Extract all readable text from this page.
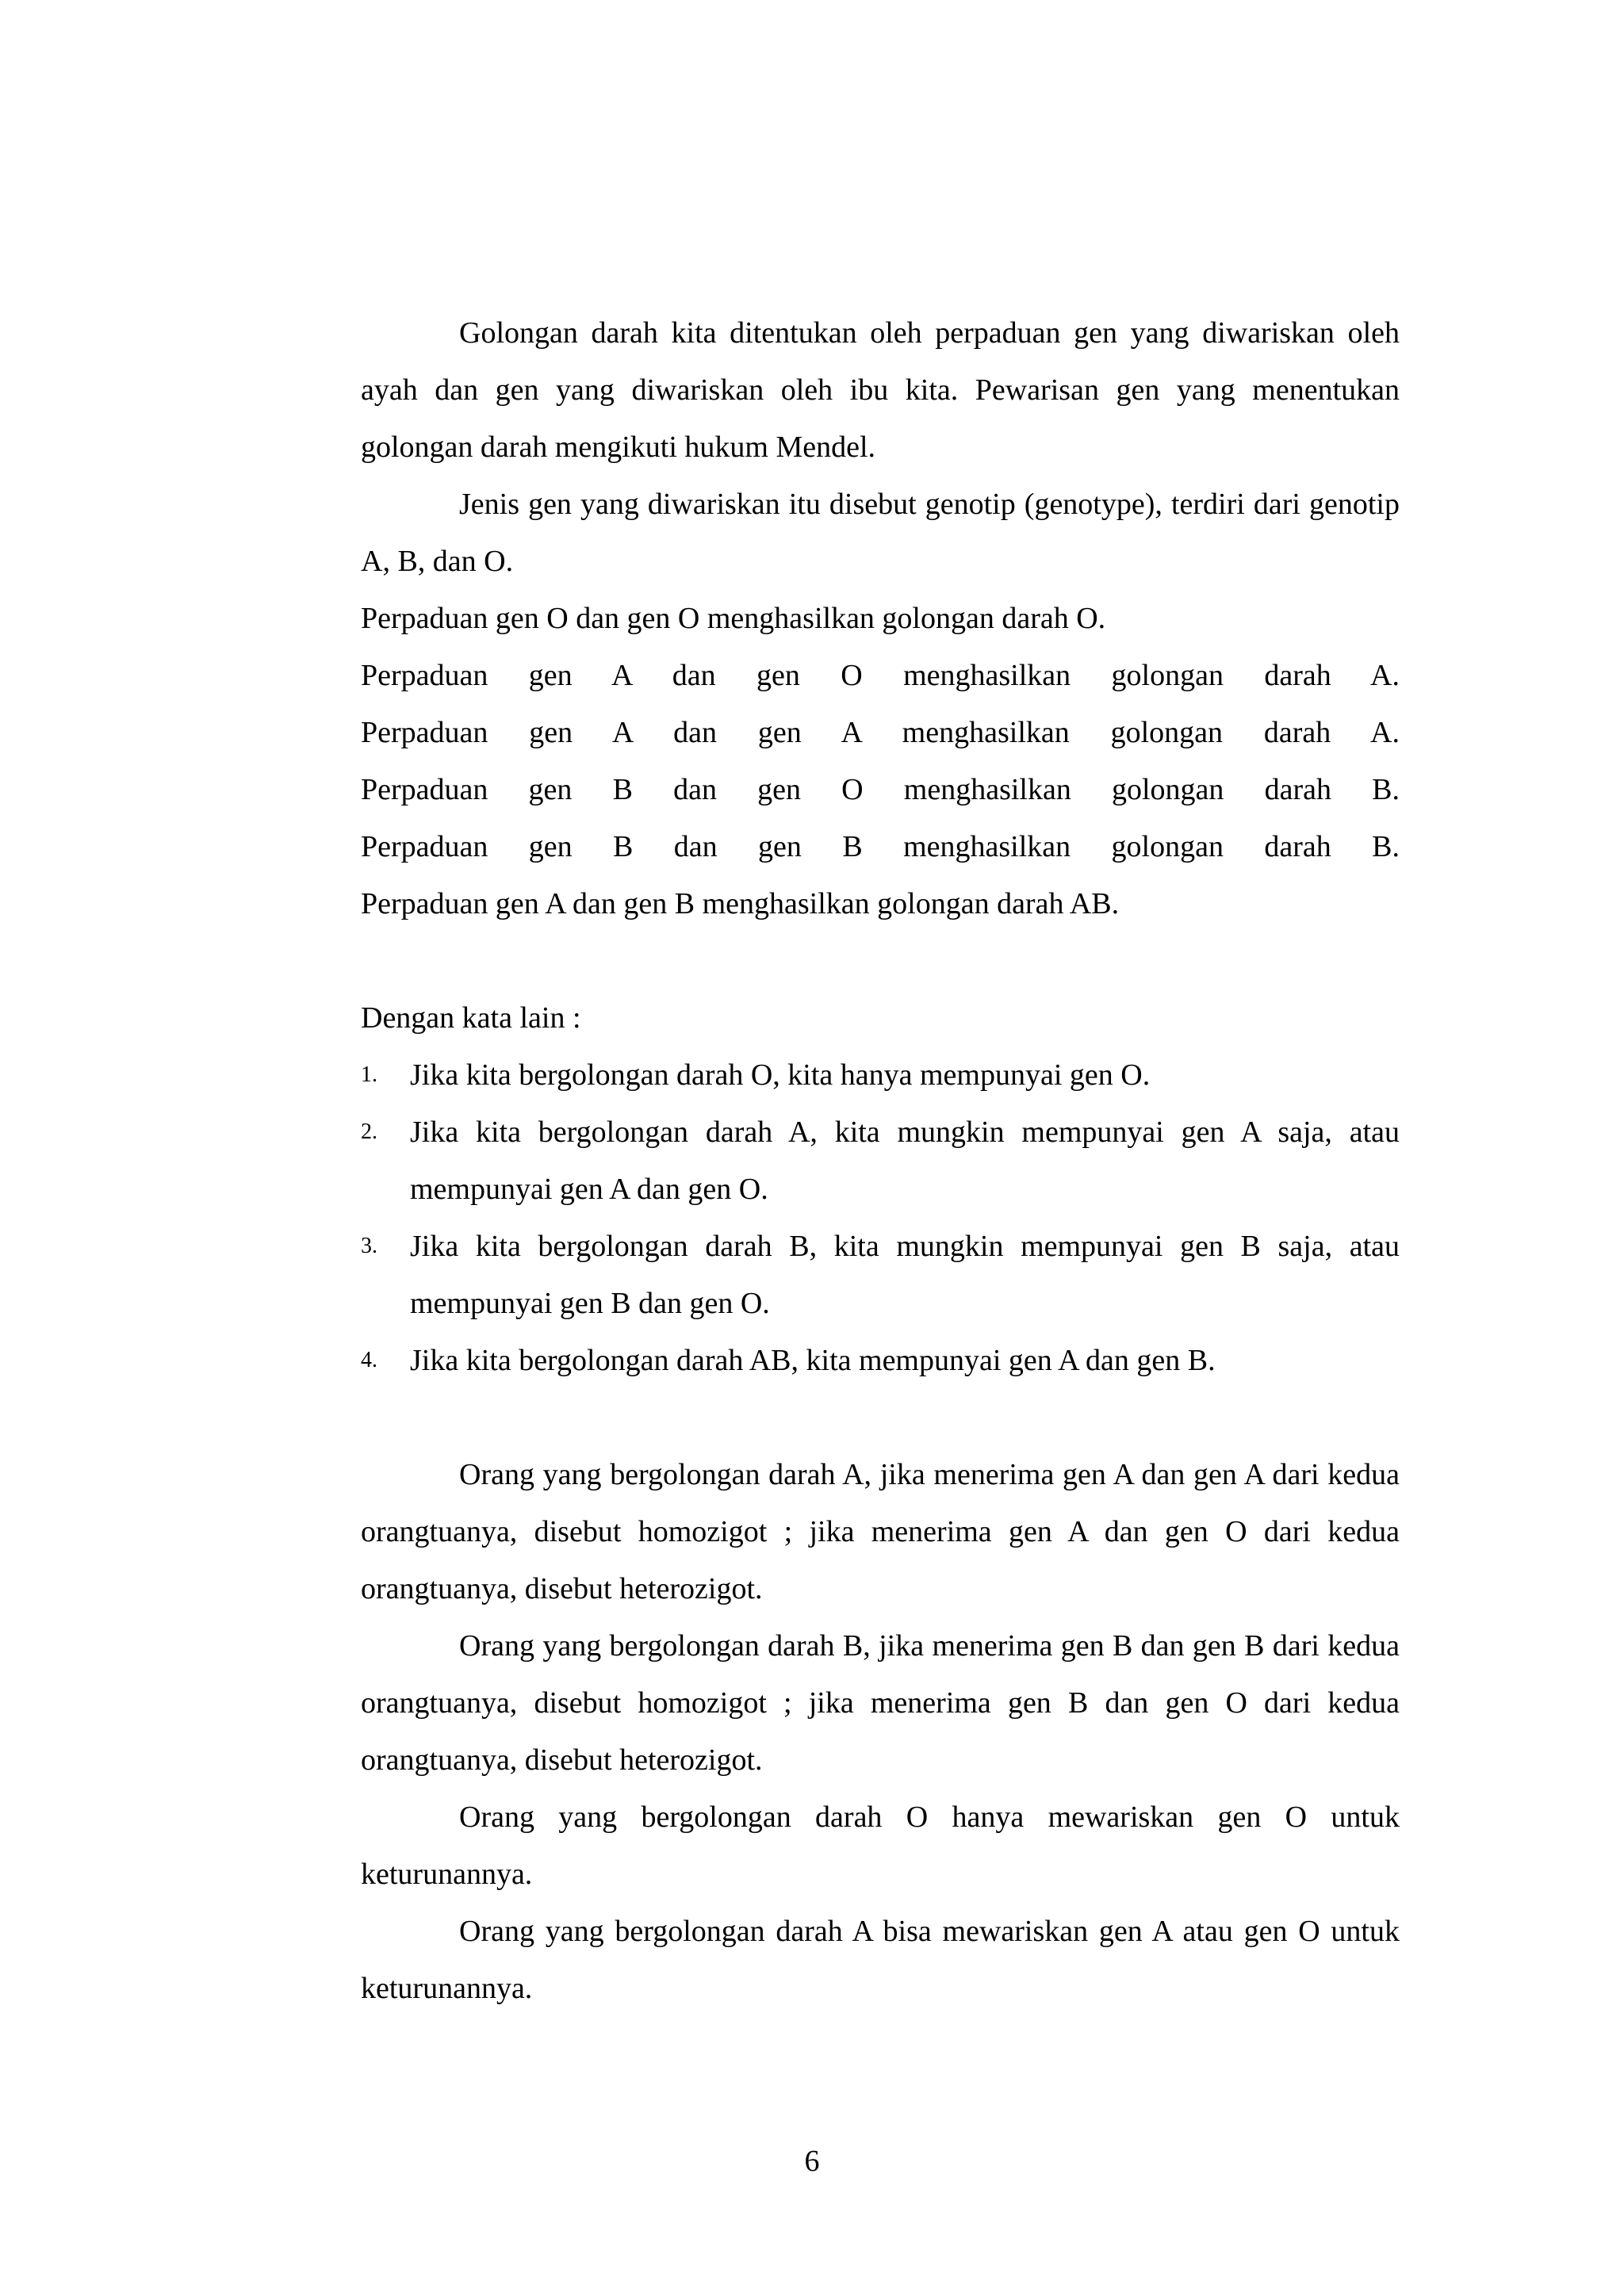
Golongan darah kita ditentukan oleh perpaduan gen yang diwariskan oleh ayah dan gen yang diwariskan oleh ibu kita. Pewarisan gen yang menentukan golongan darah mengikuti hukum Mendel.

Jenis gen yang diwariskan itu disebut genotip (genotype), terdiri dari genotip A, B, dan O.

Perpaduan gen O dan gen O menghasilkan golongan darah O.

Perpaduan gen A dan gen O menghasilkan golongan darah A.

Perpaduan gen A dan gen A menghasilkan golongan darah A.

Perpaduan gen B dan gen O menghasilkan golongan darah B.

Perpaduan gen B dan gen B menghasilkan golongan darah B.

Perpaduan gen A dan gen B menghasilkan golongan darah AB.

Dengan kata lain :

1. Jika kita bergolongan darah O, kita hanya mempunyai gen O.
2. Jika kita bergolongan darah A, kita mungkin mempunyai gen A saja, atau mempunyai gen A dan gen O.
3. Jika kita bergolongan darah B, kita mungkin mempunyai gen B saja, atau mempunyai gen B dan gen O.
4. Jika kita bergolongan darah AB, kita mempunyai gen A dan gen B.

Orang yang bergolongan darah A, jika menerima gen A dan gen A dari kedua orangtuanya, disebut homozigot ; jika menerima gen A dan gen O dari kedua orangtuanya, disebut heterozigot.

Orang yang bergolongan darah B, jika menerima gen B dan gen B dari kedua orangtuanya, disebut homozigot ; jika menerima gen B dan gen O dari kedua orangtuanya, disebut heterozigot.

Orang yang bergolongan darah O hanya mewariskan gen O untuk keturunannya.

Orang yang bergolongan darah A bisa mewariskan gen A atau gen O untuk keturunannya.

6
